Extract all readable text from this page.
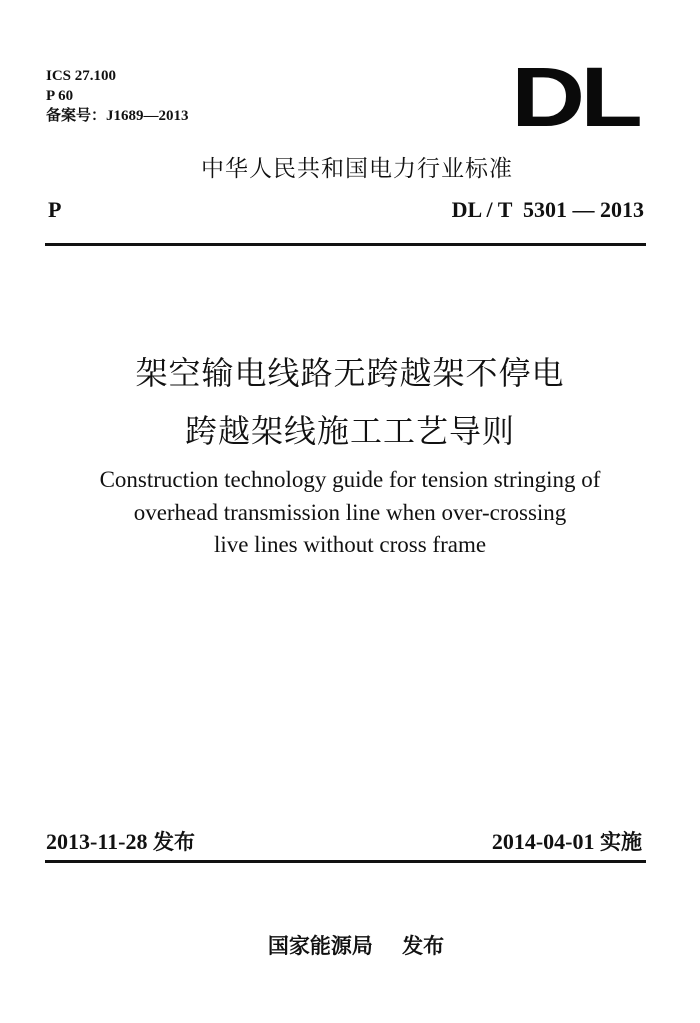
ICS 27.100
P 60
备案号：J1689—2013	DL
中华人民共和国电力行业标准
P	DL / T  5301 — 2013
架空输电线路无跨越架不停电
跨越架线施工工艺导则
Construction technology guide for tension stringing of
overhead transmission line when over-crossing
live lines without cross frame
2013-11-28 发布	2014-04-01 实施
国家能源局 发布
